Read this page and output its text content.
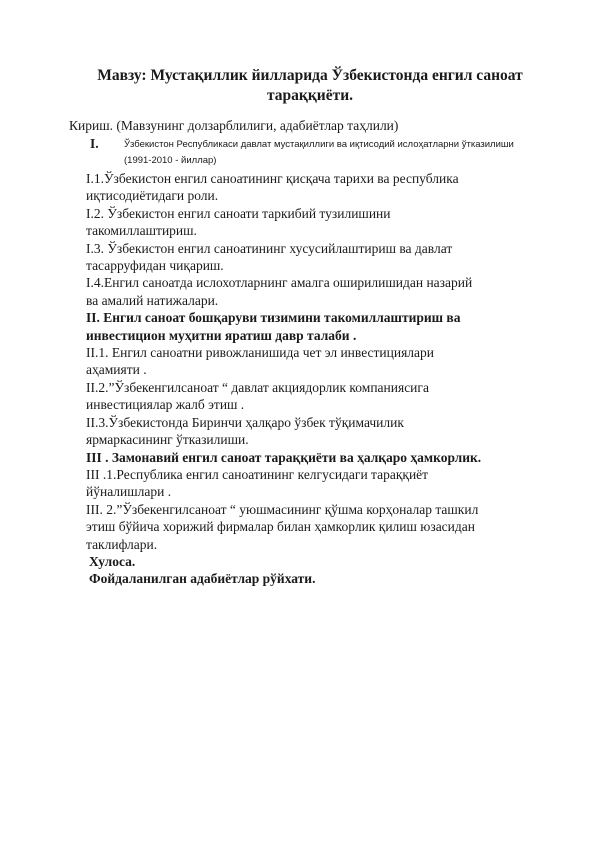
Мавзу: Мустақиллик йилларида Ўзбекистонда енгил саноат
тараққиёти.
Кириш. (Мавзунинг долзарблилиги, адабиётлар таҳлили)
I.	Ўзбекистон Республикаси давлат мустақиллиги ва иқтисодий ислоҳатларни ўтказилиши
(1991-2010 - йиллар)
I.1.Ўзбекистон енгил саноатининг қисқача тарихи ва республика
иқтисодиётидаги роли.
I.2. Ўзбекистон енгил саноати таркибий тузилишини
такомиллаштириш.
I.3. Ўзбекистон енгил саноатининг хусусийлаштириш ва давлат
тасарруфидан чиқариш.
I.4.Енгил саноатда ислохотларнинг амалга оширилишидан назарий
ва амалий натижалари.
II. Енгил саноат бошқаруви тизимини такомиллаштириш ва
инвестицион муҳитни яратиш давр талаби .
II.1. Енгил саноатни ривожланишида чет эл инвестициялари
аҳамияти .
II.2.”Ўзбекенгилсаноат “ давлат акциядорлик компаниясига
инвестициялар жалб этиш .
II.3.Ўзбекистонда Биринчи ҳалқаро ўзбек тўқимачилик
ярмаркасининг ўтказилиши.
III . Замонавий енгил саноат тараққиёти ва ҳалқаро ҳамкорлик.
III .1.Республика енгил саноатининг келгусидаги тараққиёт
йўналишлари .
III. 2.”Ўзбекенгилсаноат “ уюшмасининг қўшма корҳоналар ташкил
этиш бўйича хорижий фирмалар билан ҳамкорлик қилиш юзасидан
таклифлари.
Хулоса.
Фойдаланилган адабиётлар рўйхати.
